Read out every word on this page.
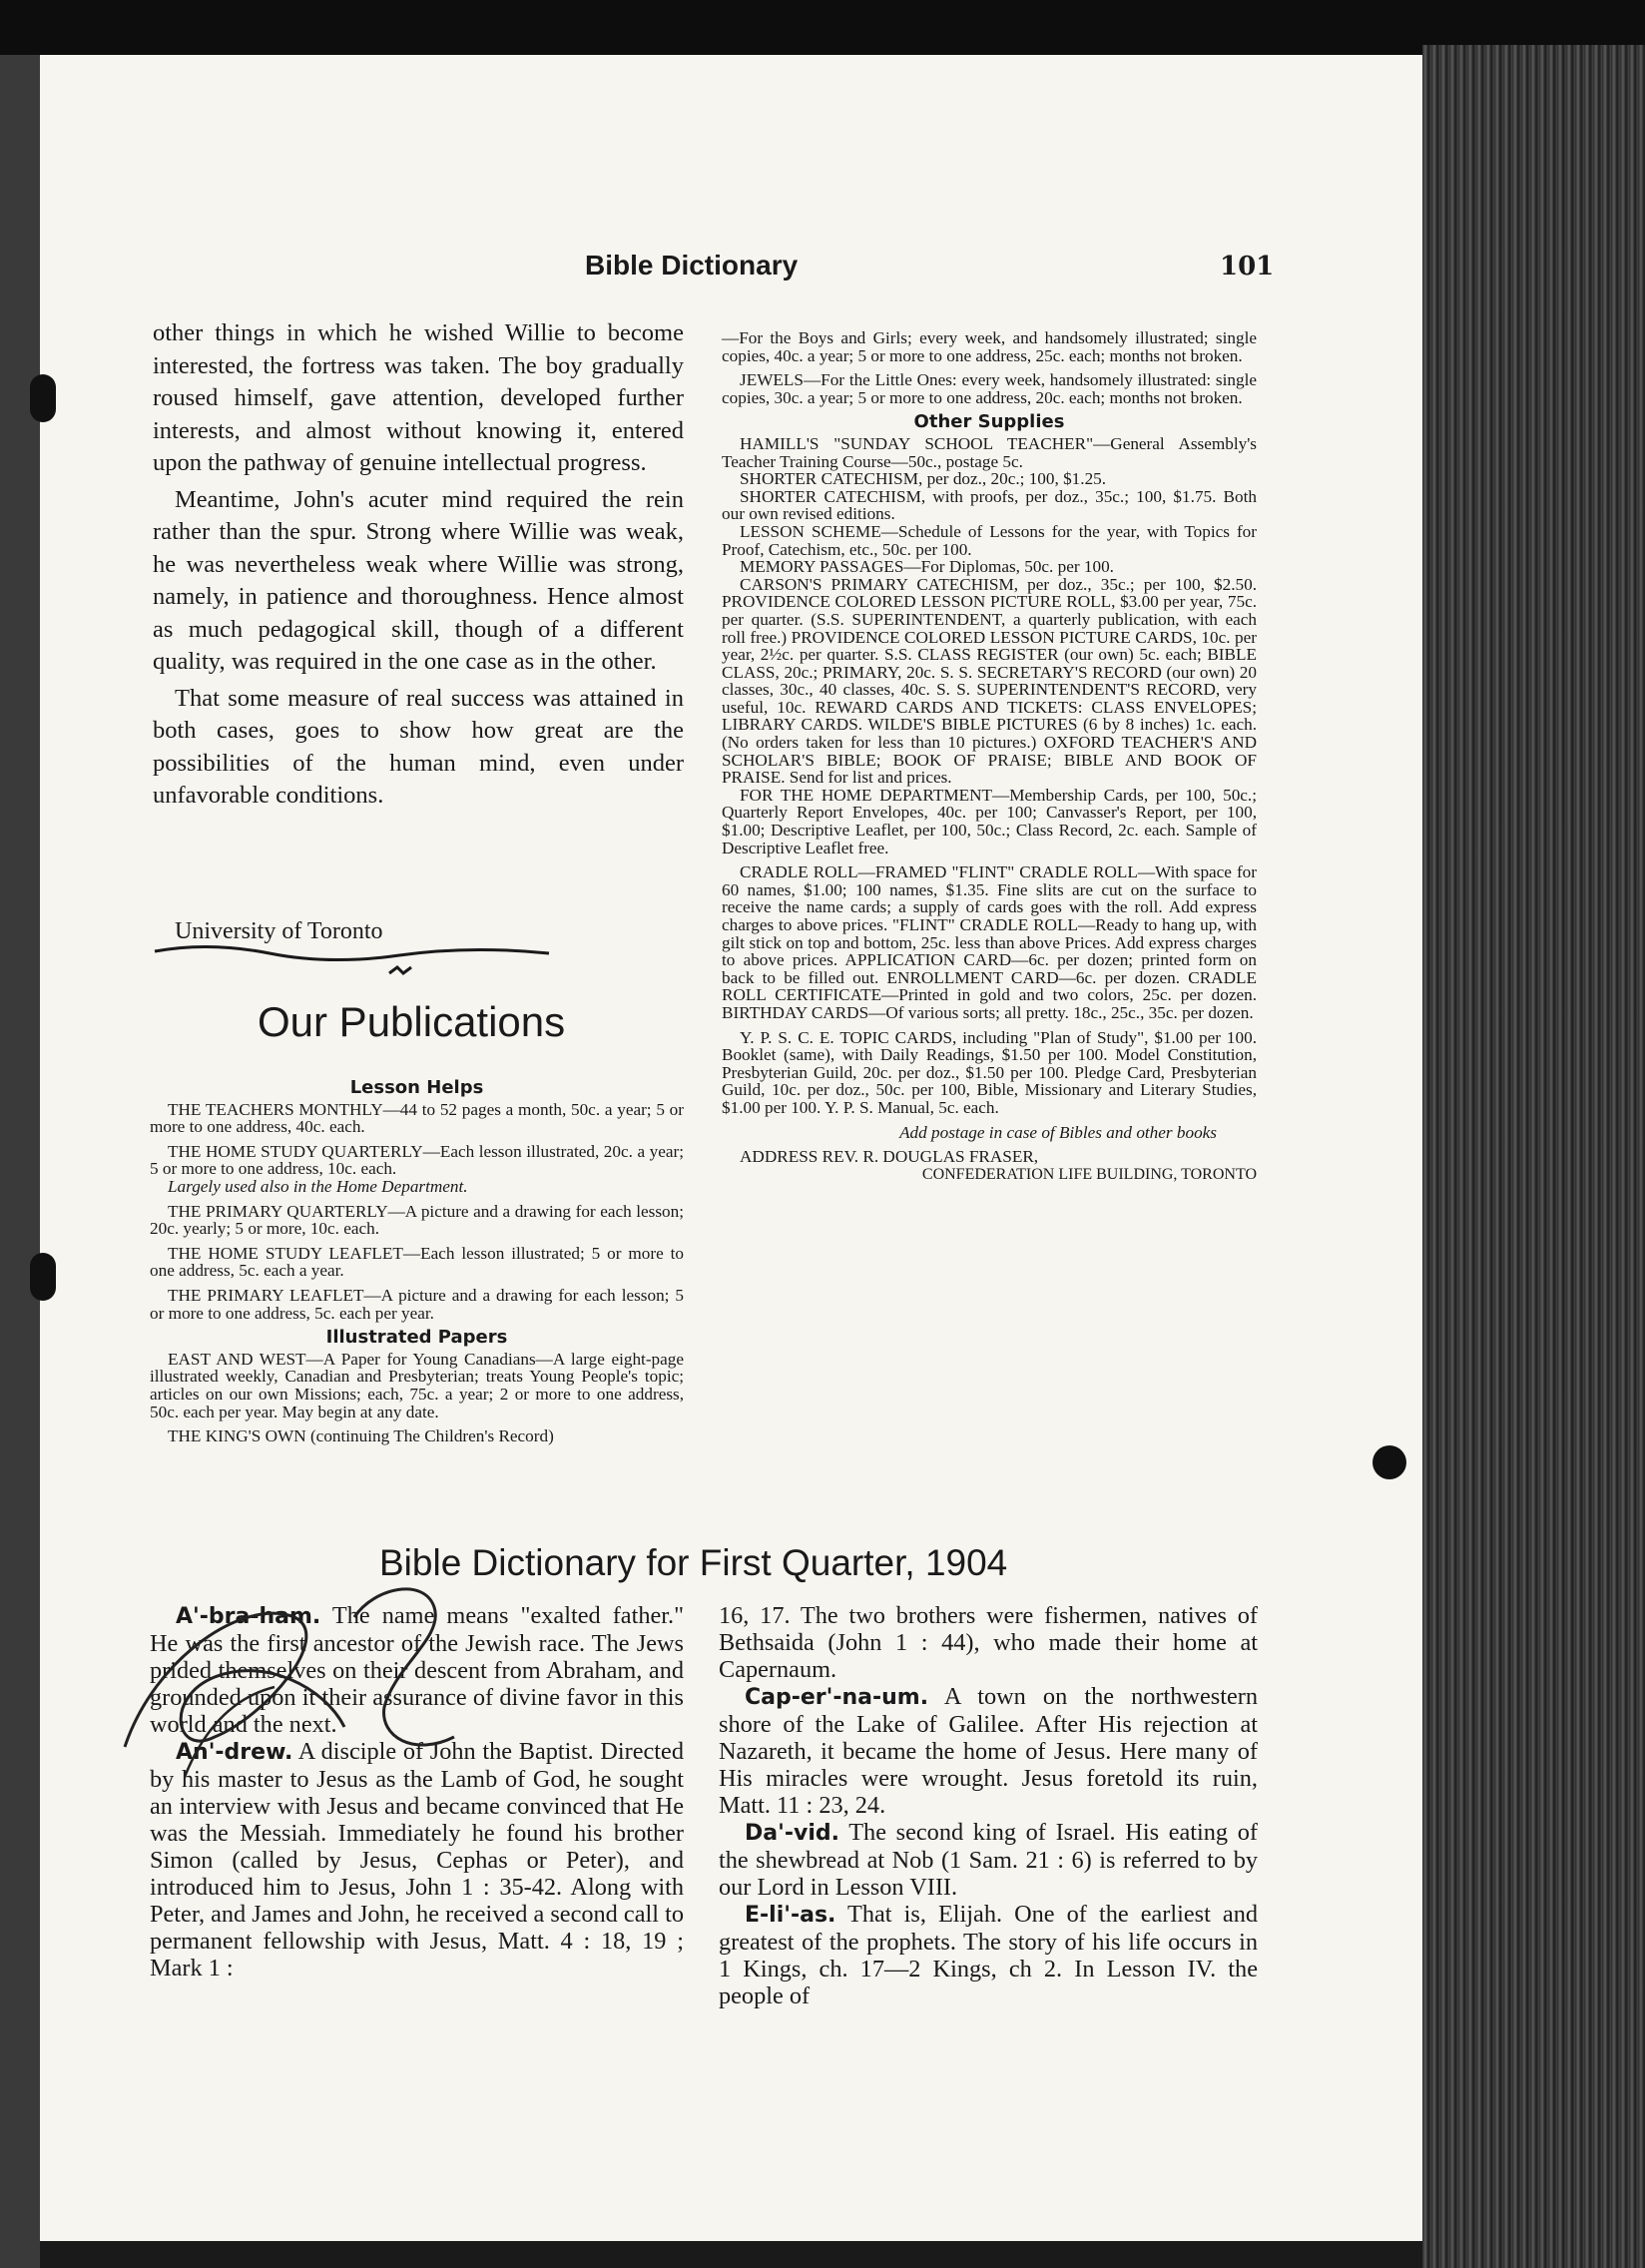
Bible Dictionary	101

other things in which he wished Willie to become interested, the fortress was taken. The boy gradually roused himself, gave attention, developed further interests, and almost without knowing it, entered upon the pathway of genuine intellectual progress.

Meantime, John's acuter mind required the rein rather than the spur. Strong where Willie was weak, he was nevertheless weak where Willie was strong, namely, in patience and thoroughness. Hence almost as much pedagogical skill, though of a different quality, was required in the one case as in the other.

That some measure of real success was attained in both cases, goes to show how great are the possibilities of the human mind, even under unfavorable conditions.

University of Toronto
Our Publications
Lesson Helps

THE TEACHERS MONTHLY—44 to 52 pages a month, 50c. a year; 5 or more to one address, 40c. each.

THE HOME STUDY QUARTERLY—Each lesson illustrated, 20c. a year; 5 or more to one address, 10c. each.

Largely used also in the Home Department.

THE PRIMARY QUARTERLY—A picture and a drawing for each lesson; 20c. yearly; 5 or more, 10c. each.

THE HOME STUDY LEAFLET—Each lesson illustrated; 5 or more to one address, 5c. each a year.

THE PRIMARY LEAFLET—A picture and a drawing for each lesson; 5 or more to one address, 5c. each per year.

Illustrated Papers

EAST AND WEST—A Paper for Young Canadians—A large eight-page illustrated weekly, Canadian and Presbyterian; treats Young People's topic; articles on our own Missions; each, 75c. a year; 2 or more to one address, 50c. each per year. May begin at any date.

THE KING'S OWN (continuing The Children's Record)

—For the Boys and Girls; every week, and handsomely illustrated; single copies, 40c. a year; 5 or more to one address, 25c. each; months not broken.

JEWELS—For the Little Ones: every week, handsomely illustrated: single copies, 30c. a year; 5 or more to one address, 20c. each; months not broken.

Other Supplies

HAMILL'S "SUNDAY SCHOOL TEACHER"—General Assembly's Teacher Training Course—50c., postage 5c.

SHORTER CATECHISM, per doz., 20c.; 100, $1.25.

SHORTER CATECHISM, with proofs, per doz., 35c.; 100, $1.75. Both our own revised editions.

LESSON SCHEME—Schedule of Lessons for the year, with Topics for Proof, Catechism, etc., 50c. per 100.

MEMORY PASSAGES—For Diplomas, 50c. per 100.

CARSON'S PRIMARY CATECHISM, per doz., 35c.; per 100, $2.50. PROVIDENCE COLORED LESSON PICTURE ROLL, $3.00 per year, 75c. per quarter. (S.S. SUPERINTENDENT, a quarterly publication, with each roll free.) PROVIDENCE COLORED LESSON PICTURE CARDS, 10c. per year, 2½c. per quarter. S.S. CLASS REGISTER (our own) 5c. each; BIBLE CLASS, 20c.; PRIMARY, 20c. S. S. SECRETARY'S RECORD (our own) 20 classes, 30c., 40 classes, 40c. S. S. SUPERINTENDENT'S RECORD, very useful, 10c. REWARD CARDS AND TICKETS: CLASS ENVELOPES; LIBRARY CARDS. WILDE'S BIBLE PICTURES (6 by 8 inches) 1c. each. (No orders taken for less than 10 pictures.) OXFORD TEACHER'S AND SCHOLAR'S BIBLE; BOOK OF PRAISE; BIBLE AND BOOK OF PRAISE. Send for list and prices.

FOR THE HOME DEPARTMENT—Membership Cards, per 100, 50c.; Quarterly Report Envelopes, 40c. per 100; Canvasser's Report, per 100, $1.00; Descriptive Leaflet, per 100, 50c.; Class Record, 2c. each. Sample of Descriptive Leaflet free.

CRADLE ROLL—FRAMED "FLINT" CRADLE ROLL—With space for 60 names, $1.00; 100 names, $1.35. Fine slits are cut on the surface to receive the name cards; a supply of cards goes with the roll. Add express charges to above prices. "FLINT" CRADLE ROLL—Ready to hang up, with gilt stick on top and bottom, 25c. less than above Prices. Add express charges to above prices. APPLICATION CARD—6c. per dozen; printed form on back to be filled out. ENROLLMENT CARD—6c. per dozen. CRADLE ROLL CERTIFICATE—Printed in gold and two colors, 25c. per dozen. BIRTHDAY CARDS—Of various sorts; all pretty. 18c., 25c., 35c. per dozen.

Y. P. S. C. E. TOPIC CARDS, including "Plan of Study", $1.00 per 100. Booklet (same), with Daily Readings, $1.50 per 100. Model Constitution, Presbyterian Guild, 20c. per doz., $1.50 per 100. Pledge Card, Presbyterian Guild, 10c. per doz., 50c. per 100, Bible, Missionary and Literary Studies, $1.00 per 100. Y. P. S. Manual, 5c. each.

Add postage in case of Bibles and other books

ADDRESS REV. R. DOUGLAS FRASER,

CONFEDERATION LIFE BUILDING, TORONTO

Bible Dictionary for First Quarter, 1904

A'-bra-ham. The name means "exalted father." He was the first ancestor of the Jewish race. The Jews prided themselves on their descent from Abraham, and grounded upon it their assurance of divine favor in this world and the next.

An'-drew. A disciple of John the Baptist. Directed by his master to Jesus as the Lamb of God, he sought an interview with Jesus and became convinced that He was the Messiah. Immediately he found his brother Simon (called by Jesus, Cephas or Peter), and introduced him to Jesus, John 1 : 35-42. Along with Peter, and James and John, he received a second call to permanent fellowship with Jesus, Matt. 4 : 18, 19 ; Mark 1 :

16, 17. The two brothers were fishermen, natives of Bethsaida (John 1 : 44), who made their home at Capernaum.

Cap-er'-na-um. A town on the northwestern shore of the Lake of Galilee. After His rejection at Nazareth, it became the home of Jesus. Here many of His miracles were wrought. Jesus foretold its ruin, Matt. 11 : 23, 24.

Da'-vid. The second king of Israel. His eating of the shewbread at Nob (1 Sam. 21 : 6) is referred to by our Lord in Lesson VIII.

E-li'-as. That is, Elijah. One of the earliest and greatest of the prophets. The story of his life occurs in 1 Kings, ch. 17—2 Kings, ch 2. In Lesson IV. the people of
